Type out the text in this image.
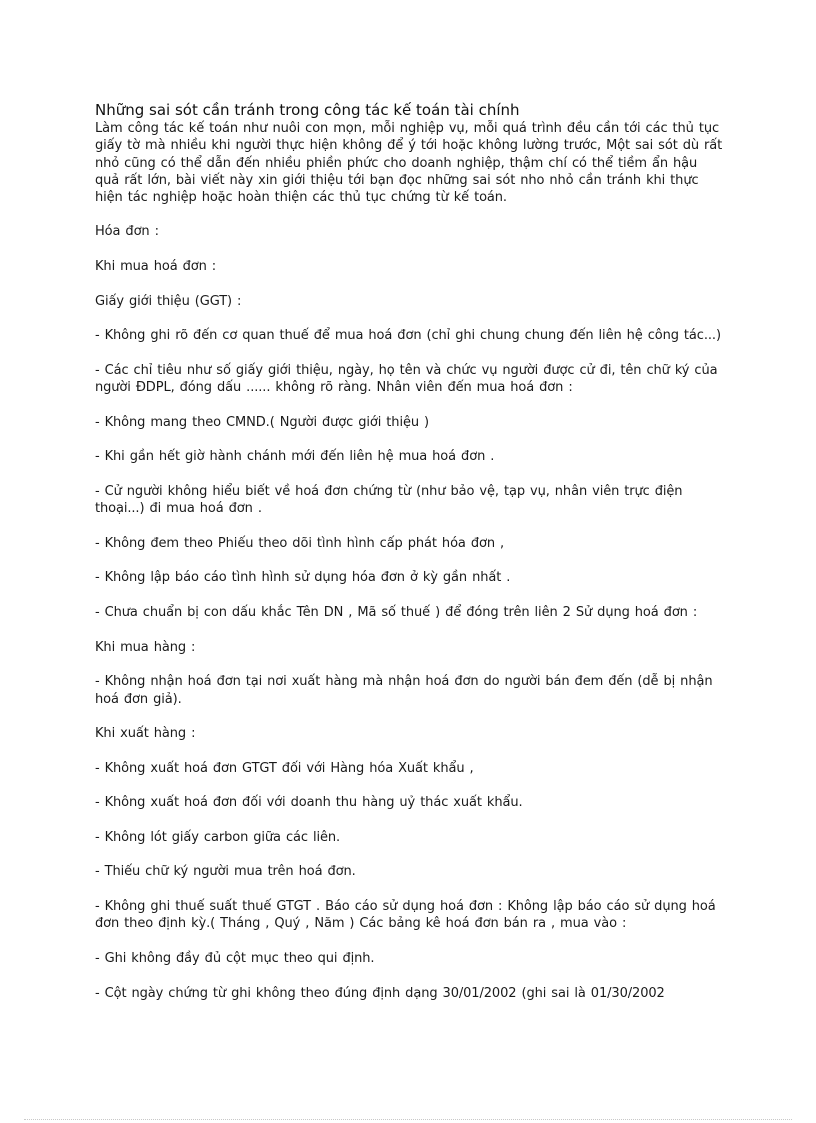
Những sai sót cần tránh trong công tác kế toán tài chính

Làm công tác kế toán như nuôi con mọn, mỗi nghiệp vụ, mỗi quá trình đều cần tới các thủ tục giấy tờ mà nhiều khi người thực hiện không để ý tới hoặc không lường trước, Một sai sót dù rất nhỏ cũng có thể dẫn đến nhiều phiền phức cho doanh nghiệp, thậm chí có thể tiềm ẩn hậu quả rất lớn, bài viết này xin giới thiệu tới bạn đọc những sai sót nho nhỏ cần tránh khi thực hiện tác nghiệp hoặc hoàn thiện các thủ tục chứng từ kế toán.

Hóa đơn :

Khi mua hoá đơn :

Giấy giới thiệu (GGT) :

- Không ghi rõ đến cơ quan thuế để mua hoá đơn (chỉ ghi chung chung đến liên hệ công tác...)

- Các chỉ tiêu như số giấy giới thiệu, ngày, họ tên và chức vụ người được cử đi, tên chữ ký của người ĐDPL, đóng dấu ...... không rõ ràng. Nhân viên đến mua hoá đơn :

- Không mang theo CMND.( Người được giới thiệu )

- Khi gần hết giờ hành chánh mới đến liên hệ mua hoá đơn .

- Cử người không hiểu biết về hoá đơn chứng từ (như bảo vệ, tạp vụ, nhân viên trực điện thoại...) đi mua hoá đơn .

- Không đem theo Phiếu theo dõi tình hình cấp phát hóa đơn ,

- Không lập báo cáo tình hình sử dụng hóa đơn ở kỳ gần nhất .

- Chưa chuẩn bị con dấu khắc Tên DN , Mã số thuế ) để đóng trên liên 2 Sử dụng hoá đơn :

Khi mua hàng :

- Không nhận hoá đơn tại nơi xuất hàng mà nhận hoá đơn do người bán đem đến (dễ bị nhận hoá đơn giả).

Khi xuất hàng :

- Không xuất hoá đơn GTGT đối với Hàng hóa Xuất khẩu ,

- Không xuất hoá đơn đối với doanh thu hàng uỷ thác xuất khẩu.

- Không lót giấy carbon giữa các liên.

- Thiếu chữ ký người mua trên hoá đơn.

- Không ghi thuế suất thuế GTGT . Báo cáo sử dụng hoá đơn : Không lập báo cáo sử dụng hoá đơn theo định kỳ.( Tháng , Quý , Năm ) Các bảng kê hoá đơn bán ra , mua vào :

- Ghi không đầy đủ cột mục theo qui định.

- Cột ngày chứng từ ghi không theo đúng định dạng 30/01/2002 (ghi sai là 01/30/2002
